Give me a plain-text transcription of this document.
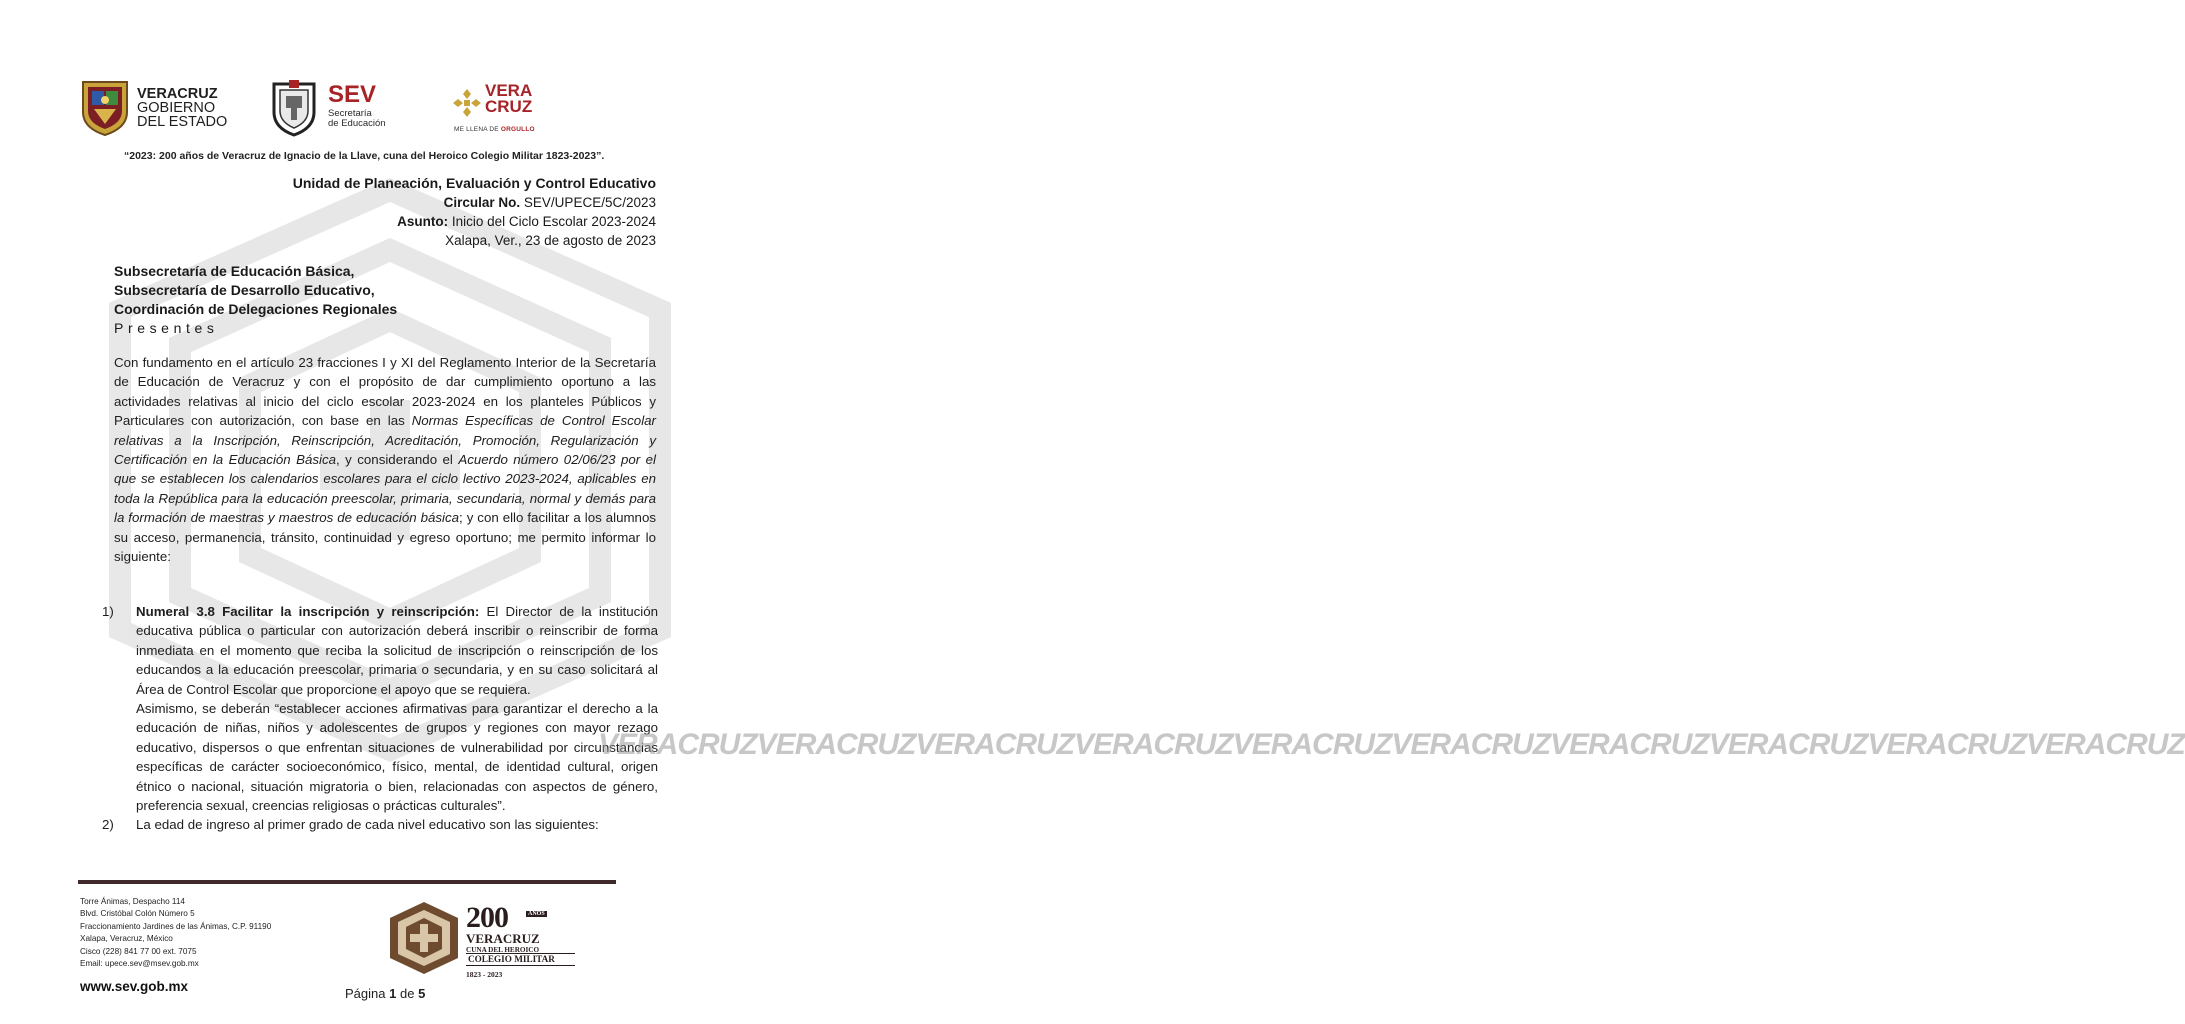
VERACRUZ
GOBIERNO
DEL ESTADO
SEV
Secretaría
de Educación
VERA
CRUZ
ME LLENA DE ORGULLO
“2023: 200 años de Veracruz de Ignacio de la Llave, cuna del Heroico Colegio Militar 1823-2023”.
Unidad de Planeación, Evaluación y Control Educativo
Circular No. SEV/UPECE/5C/2023
Asunto: Inicio del Ciclo Escolar 2023-2024
Xalapa, Ver., 23 de agosto de 2023
Subsecretaría de Educación Básica,
Subsecretaría de Desarrollo Educativo,
Coordinación de Delegaciones Regionales
Presentes

Con fundamento en el artículo 23 fracciones I y XI del Reglamento Interior de la Secretaría de Educación de Veracruz y con el propósito de dar cumplimiento oportuno a las actividades relativas al inicio del ciclo escolar 2023-2024 en los planteles Públicos y Particulares con autorización, con base en las Normas Específicas de Control Escolar relativas a la Inscripción, Reinscripción, Acreditación, Promoción, Regularización y Certificación en la Educación Básica, y considerando el Acuerdo número 02/06/23 por el que se establecen los calendarios escolares para el ciclo lectivo 2023-2024, aplicables en toda la República para la educación preescolar, primaria, secundaria, normal y demás para la formación de maestras y maestros de educación básica; y con ello facilitar a los alumnos su acceso, permanencia, tránsito, continuidad y egreso oportuno; me permito informar lo siguiente:

1) Numeral 3.8 Facilitar la inscripción y reinscripción: El Director de la institución educativa pública o particular con autorización deberá inscribir o reinscribir de forma inmediata en el momento que reciba la solicitud de inscripción o reinscripción de los educandos a la educación preescolar, primaria o secundaria, y en su caso solicitará al Área de Control Escolar que proporcione el apoyo que se requiera.

Asimismo, se deberán “establecer acciones afirmativas para garantizar el derecho a la educación de niñas, niños y adolescentes de grupos y regiones con mayor rezago educativo, dispersos o que enfrentan situaciones de vulnerabilidad por circunstancias específicas de carácter socioeconómico, físico, mental, de identidad cultural, origen étnico o nacional, situación migratoria o bien, relacionadas con aspectos de género, preferencia sexual, creencias religiosas o prácticas culturales”.

2) La edad de ingreso al primer grado de cada nivel educativo son las siguientes:

VERACRUZVERACRUZVERACRUZVERACRUZVERACRUZVERACRUZVERACRUZVERACRUZVERACRUZVERACRUZ
Torre Ánimas, Despacho 114
Blvd. Cristóbal Colón Número 5
Fraccionamiento Jardines de las Ánimas, C.P. 91190
Xalapa, Veracruz, México
Cisco (228) 841 77 00 ext. 7075
Email: upece.sev@msev.gob.mx
www.sev.gob.mx
200	AÑOS
VERACRUZ
CUNA DEL HEROICO
COLEGIO MILITAR
1823 - 2023
Página 1 de 5
